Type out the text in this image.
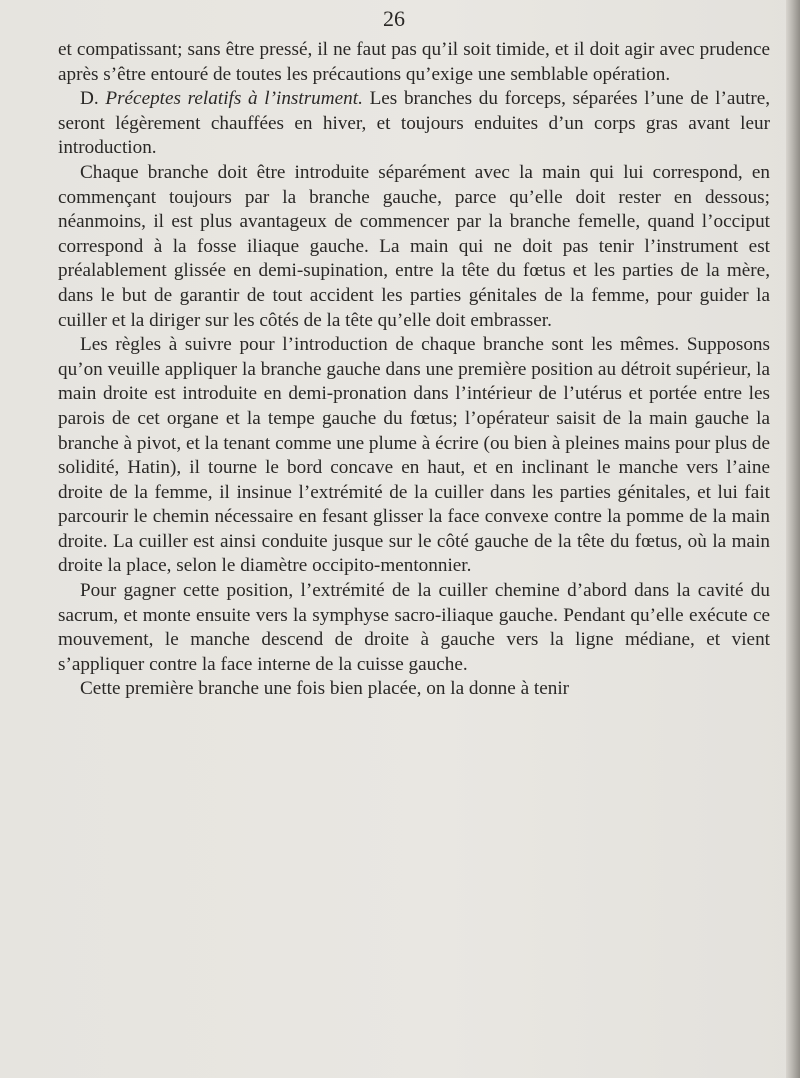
26

et compatissant; sans être pressé, il ne faut pas qu’il soit timide, et il doit agir avec prudence après s’être entouré de toutes les précautions qu’exige une semblable opération.

D. Préceptes relatifs à l’instrument. Les branches du forceps, séparées l’une de l’autre, seront légèrement chauffées en hiver, et toujours enduites d’un corps gras avant leur introduction.

Chaque branche doit être introduite séparément avec la main qui lui correspond, en commençant toujours par la branche gauche, parce qu’elle doit rester en dessous; néanmoins, il est plus avantageux de commencer par la branche femelle, quand l’occiput correspond à la fosse iliaque gauche. La main qui ne doit pas tenir l’instrument est préalablement glissée en demi-supination, entre la tête du fœtus et les parties de la mère, dans le but de garantir de tout accident les parties génitales de la femme, pour guider la cuiller et la diriger sur les côtés de la tête qu’elle doit embrasser.

Les règles à suivre pour l’introduction de chaque branche sont les mêmes. Supposons qu’on veuille appliquer la branche gauche dans une première position au détroit supérieur, la main droite est introduite en demi-pronation dans l’intérieur de l’utérus et portée entre les parois de cet organe et la tempe gauche du fœtus; l’opérateur saisit de la main gauche la branche à pivot, et la tenant comme une plume à écrire (ou bien à pleines mains pour plus de solidité, Hatin), il tourne le bord concave en haut, et en inclinant le manche vers l’aine droite de la femme, il insinue l’extrémité de la cuiller dans les parties génitales, et lui fait parcourir le chemin nécessaire en fesant glisser la face convexe contre la pomme de la main droite. La cuiller est ainsi conduite jusque sur le côté gauche de la tête du fœtus, où la main droite la place, selon le diamètre occipito-mentonnier.

Pour gagner cette position, l’extrémité de la cuiller chemine d’abord dans la cavité du sacrum, et monte ensuite vers la symphyse sacro-iliaque gauche. Pendant qu’elle exécute ce mouvement, le manche descend de droite à gauche vers la ligne médiane, et vient s’appliquer contre la face interne de la cuisse gauche.

Cette première branche une fois bien placée, on la donne à tenir
